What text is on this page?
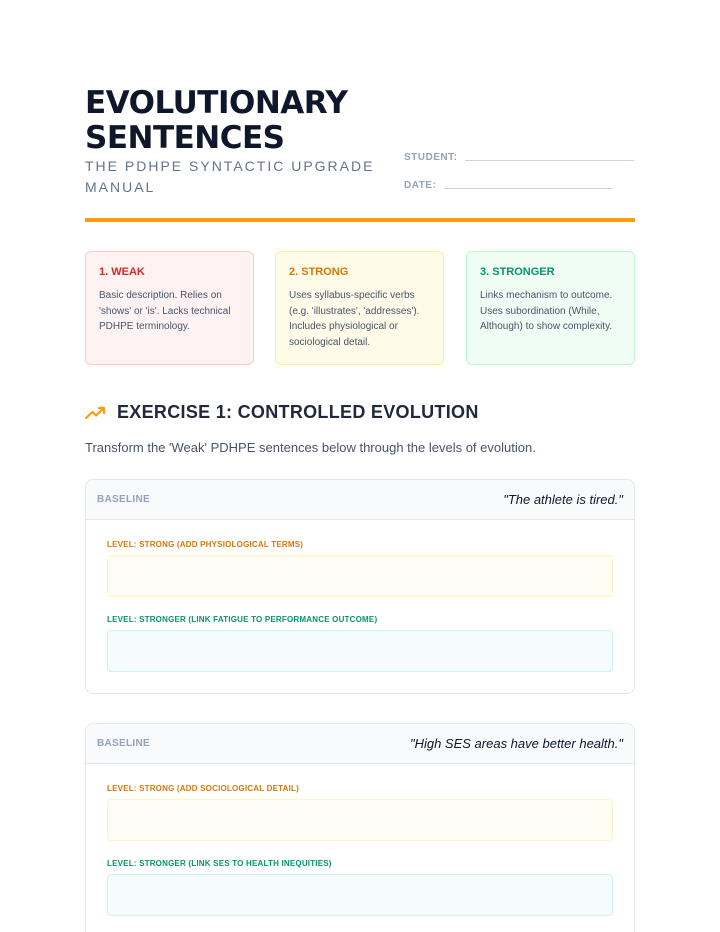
EVOLUTIONARY
SENTENCES
THE PDHPE SYNTACTIC UPGRADE MANUAL
STUDENT:
DATE:
1. WEAK
Basic description. Relies on 'shows' or 'is'. Lacks technical PDHPE terminology.
2. STRONG
Uses syllabus-specific verbs (e.g. 'illustrates', 'addresses'). Includes physiological or sociological detail.
3. STRONGER
Links mechanism to outcome. Uses subordination (While, Although) to show complexity.
EXERCISE 1: CONTROLLED EVOLUTION
Transform the 'Weak' PDHPE sentences below through the levels of evolution.
BASELINE	"The athlete is tired."
LEVEL: STRONG (ADD PHYSIOLOGICAL TERMS)
LEVEL: STRONGER (LINK FATIGUE TO PERFORMANCE OUTCOME)
BASELINE	"High SES areas have better health."
LEVEL: STRONG (ADD SOCIOLOGICAL DETAIL)
LEVEL: STRONGER (LINK SES TO HEALTH INEQUITIES)
